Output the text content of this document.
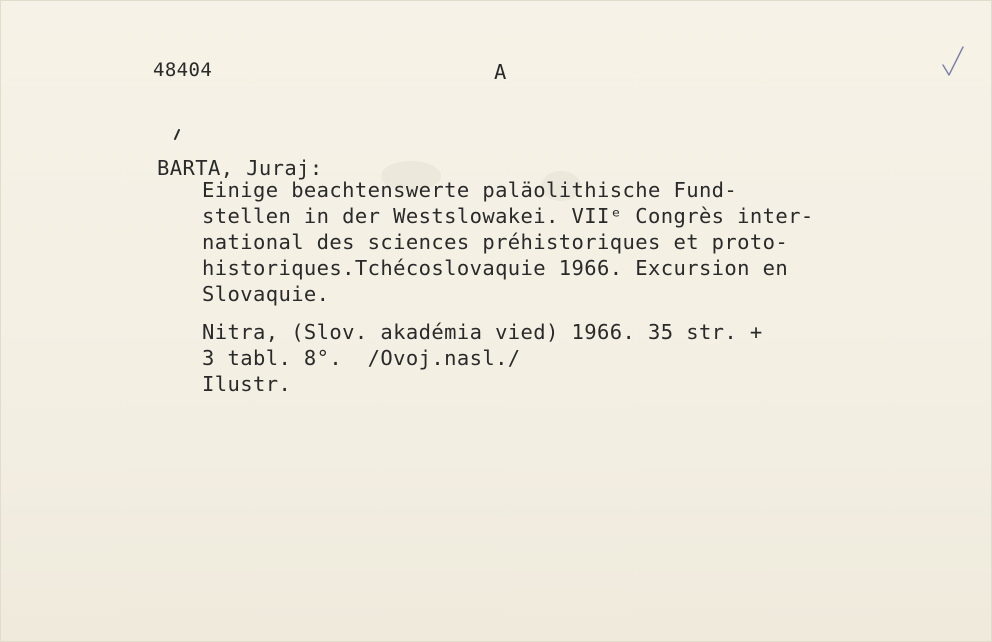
48404	A
BARTA, Juraj:
Einige beachtenswerte paläolithische Fund-
stellen in der Westslowakei. VIIᵉ Congrès inter-
national des sciences préhistoriques et proto-
historiques.Tchécoslovaquie 1966. Excursion en
Slovaquie.
Nitra, (Slov. akadémia vied) 1966. 35 str. +
3 tabl. 8°.  /Ovoj.nasl./
Ilustr.
